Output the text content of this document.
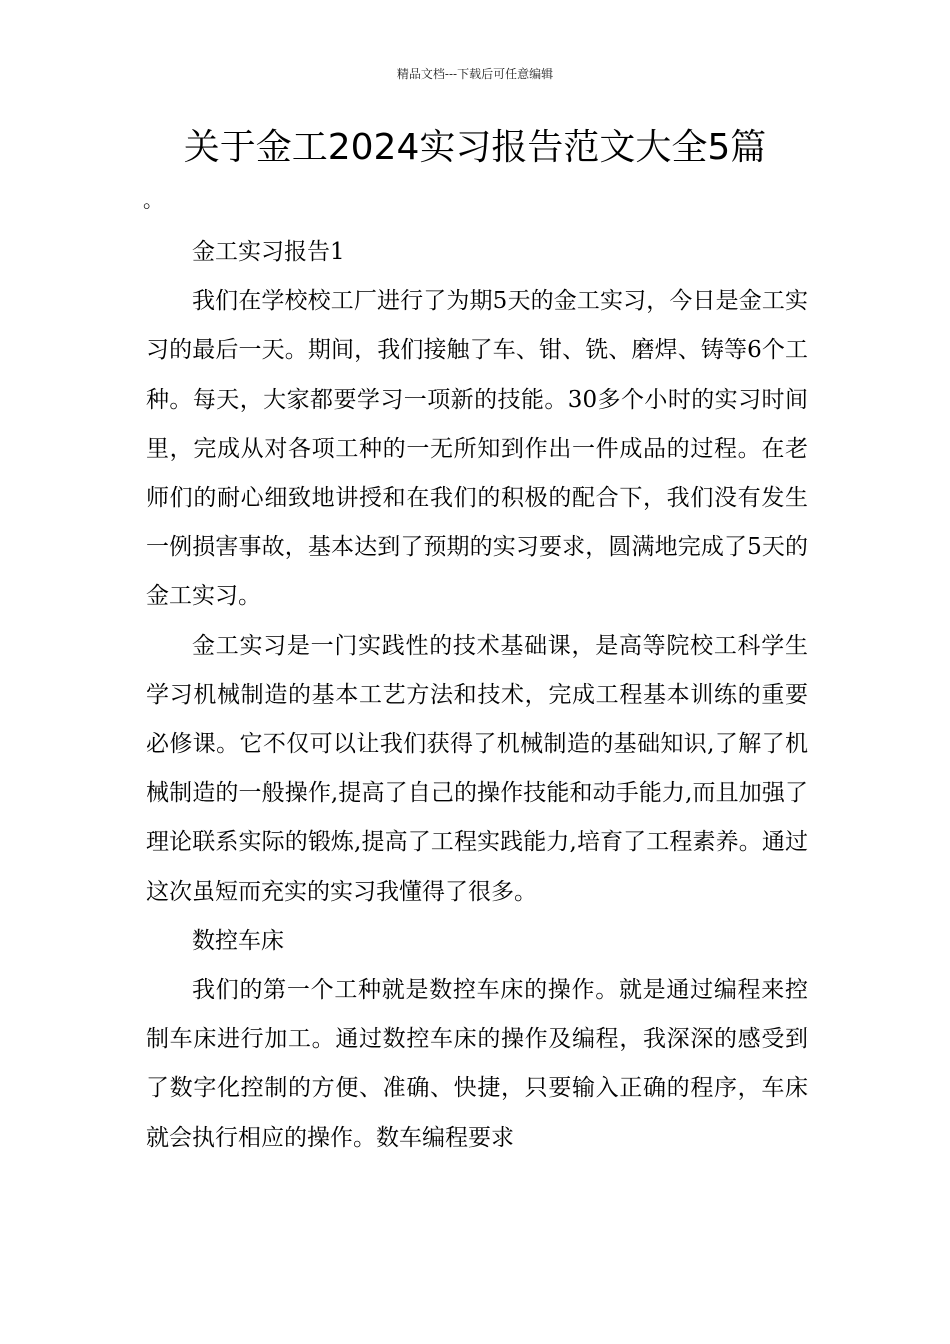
精品文档---下载后可任意编辑
关于金工2024实习报告范文大全5篇
。

金工实习报告1

我们在学校校工厂进行了为期5天的金工实习，今日是金工实习的最后一天。期间，我们接触了车、钳、铣、磨焊、铸等6个工种。每天，大家都要学习一项新的技能。30多个小时的实习时间里，完成从对各项工种的一无所知到作出一件成品的过程。在老师们的耐心细致地讲授和在我们的积极的配合下，我们没有发生一例损害事故，基本达到了预期的实习要求，圆满地完成了5天的金工实习。

金工实习是一门实践性的技术基础课，是高等院校工科学生学习机械制造的基本工艺方法和技术，完成工程基本训练的重要必修课。它不仅可以让我们获得了机械制造的基础知识,了解了机械制造的一般操作,提高了自己的操作技能和动手能力,而且加强了理论联系实际的锻炼,提高了工程实践能力,培育了工程素养。通过这次虽短而充实的实习我懂得了很多。

数控车床

我们的第一个工种就是数控车床的操作。就是通过编程来控制车床进行加工。通过数控车床的操作及编程，我深深的感受到了数字化控制的方便、准确、快捷，只要输入正确的程序，车床就会执行相应的操作。数车编程要求
